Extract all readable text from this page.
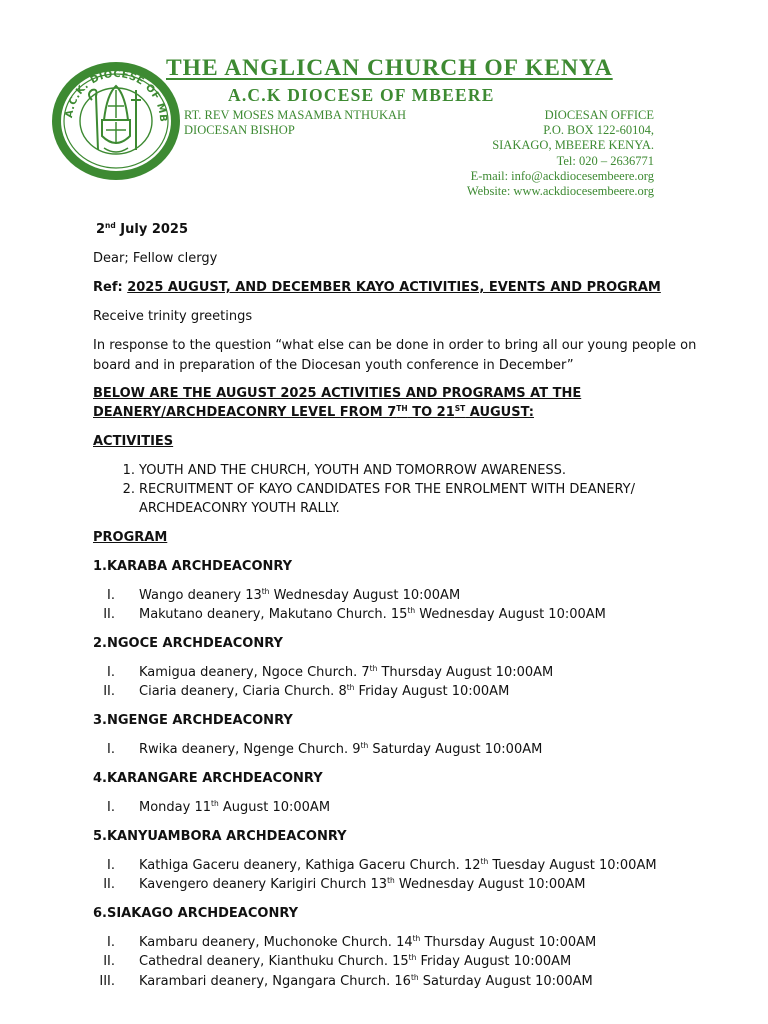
A.C.K. DIOCESE OF MB
THE ANGLICAN CHURCH OF KENYA
A.C.K DIOCESE OF MBEERE
RT. REV MOSES MASAMBA NTHUKAH
DIOCESAN BISHOP
DIOCESAN OFFICE
P.O. BOX 122-60104,
SIAKAGO, MBEERE KENYA.
Tel: 020 – 2636771
E-mail: info@ackdiocesembeere.org
Website: www.ackdiocesembeere.org
2nd July 2025
Dear; Fellow clergy
Ref: 2025 AUGUST, AND DECEMBER KAYO ACTIVITIES, EVENTS AND PROGRAM
Receive trinity greetings
In response to the question “what else can be done in order to bring all our young people on
board and in preparation of the Diocesan youth conference in December”
BELOW ARE THE AUGUST 2025 ACTIVITIES AND PROGRAMS AT THE
DEANERY/ARCHDEACONRY LEVEL FROM 7TH TO 21ST AUGUST:
ACTIVITIES
1. YOUTH AND THE CHURCH, YOUTH AND TOMORROW AWARENESS.
2. RECRUITMENT OF KAYO CANDIDATES FOR THE ENROLMENT WITH DEANERY/
ARCHDEACONRY YOUTH RALLY.
PROGRAM
1.KARABA ARCHDEACONRY
I. Wango deanery 13th Wednesday August 10:00AM
II. Makutano deanery, Makutano Church. 15th Wednesday August 10:00AM
2.NGOCE ARCHDEACONRY
I. Kamigua deanery, Ngoce Church. 7th Thursday August 10:00AM
II. Ciaria deanery, Ciaria Church. 8th Friday August 10:00AM
3.NGENGE ARCHDEACONRY
I. Rwika deanery, Ngenge Church. 9th Saturday August 10:00AM
4.KARANGARE ARCHDEACONRY
I. Monday 11th August 10:00AM
5.KANYUAMBORA ARCHDEACONRY
I. Kathiga Gaceru deanery, Kathiga Gaceru Church. 12th Tuesday August 10:00AM
II. Kavengero deanery Karigiri Church 13th Wednesday August 10:00AM
6.SIAKAGO ARCHDEACONRY
I. Kambaru deanery, Muchonoke Church. 14th Thursday August 10:00AM
II. Cathedral deanery, Kianthuku Church. 15th Friday August 10:00AM
III. Karambari deanery, Ngangara Church. 16th Saturday August 10:00AM
